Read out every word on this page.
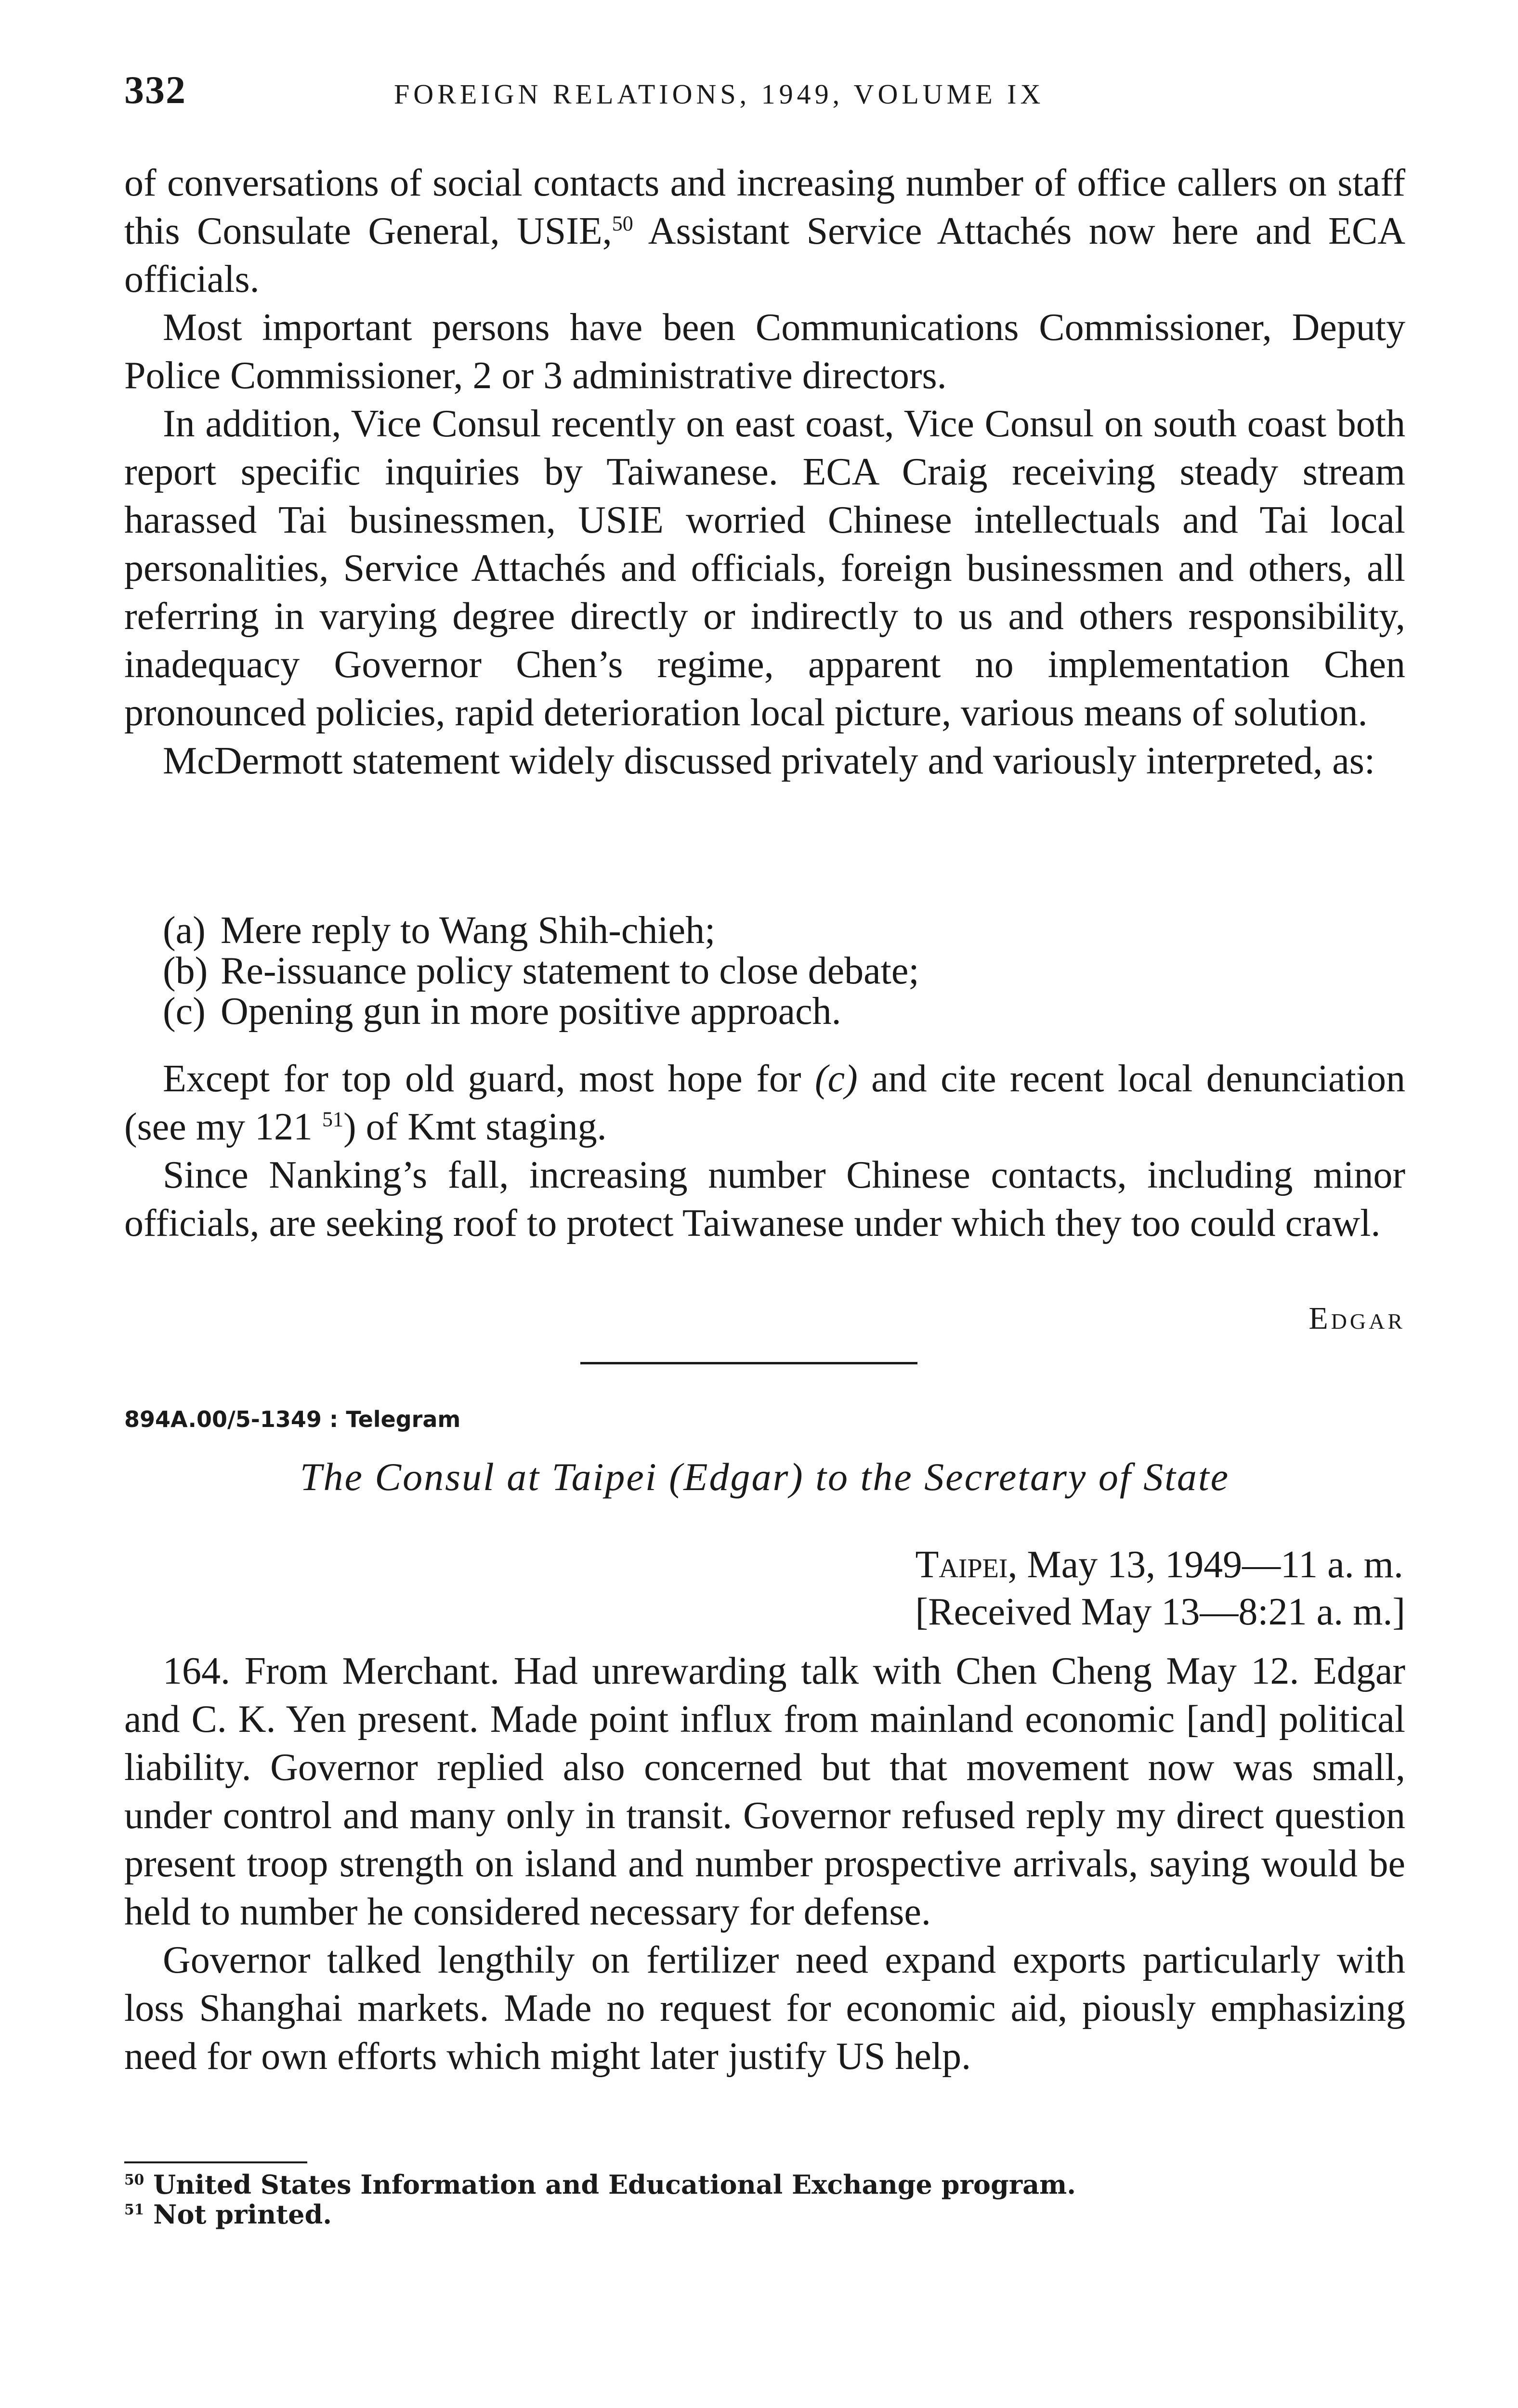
332	FOREIGN RELATIONS, 1949, VOLUME IX

of conversations of social contacts and increasing number of office callers on staff this Consulate General, USIE,$^{50}$ Assistant Service Attachés now here and ECA officials.

Most important persons have been Communications Commissioner, Deputy Police Commissioner, 2 or 3 administrative directors.

In addition, Vice Consul recently on east coast, Vice Consul on south coast both report specific inquiries by Taiwanese. ECA Craig receiving steady stream harassed Tai businessmen, USIE worried Chinese intellectuals and Tai local personalities, Service Attachés and officials, foreign businessmen and others, all referring in varying degree directly or indirectly to us and others responsibility, inadequacy Governor Chen’s regime, apparent no implementation Chen pronounced policies, rapid deterioration local picture, various means of solution.

McDermott statement widely discussed privately and variously interpreted, as:

(a) Mere reply to Wang Shih-chieh;
(b) Re-issuance policy statement to close debate;
(c) Opening gun in more positive approach.

Except for top old guard, most hope for (c) and cite recent local denunciation (see my 121 $^{51}$) of Kmt staging.

Since Nanking’s fall, increasing number Chinese contacts, including minor officials, are seeking roof to protect Taiwanese under which they too could crawl.

Edgar
894A.00/5-1349 : Telegram
The Consul at Taipei (Edgar) to the Secretary of State
Taipei, May 13, 1949—11 a. m.
[Received May 13—8:21 a. m.]

164. From Merchant. Had unrewarding talk with Chen Cheng May 12. Edgar and C. K. Yen present. Made point influx from mainland economic [and] political liability. Governor replied also concerned but that movement now was small, under control and many only in transit. Governor refused reply my direct question present troop strength on island and number prospective arrivals, saying would be held to number he considered necessary for defense.

Governor talked lengthily on fertilizer need expand exports particularly with loss Shanghai markets. Made no request for economic aid, piously emphasizing need for own efforts which might later justify US help.

$^{50}$ United States Information and Educational Exchange program.
$^{51}$ Not printed.
